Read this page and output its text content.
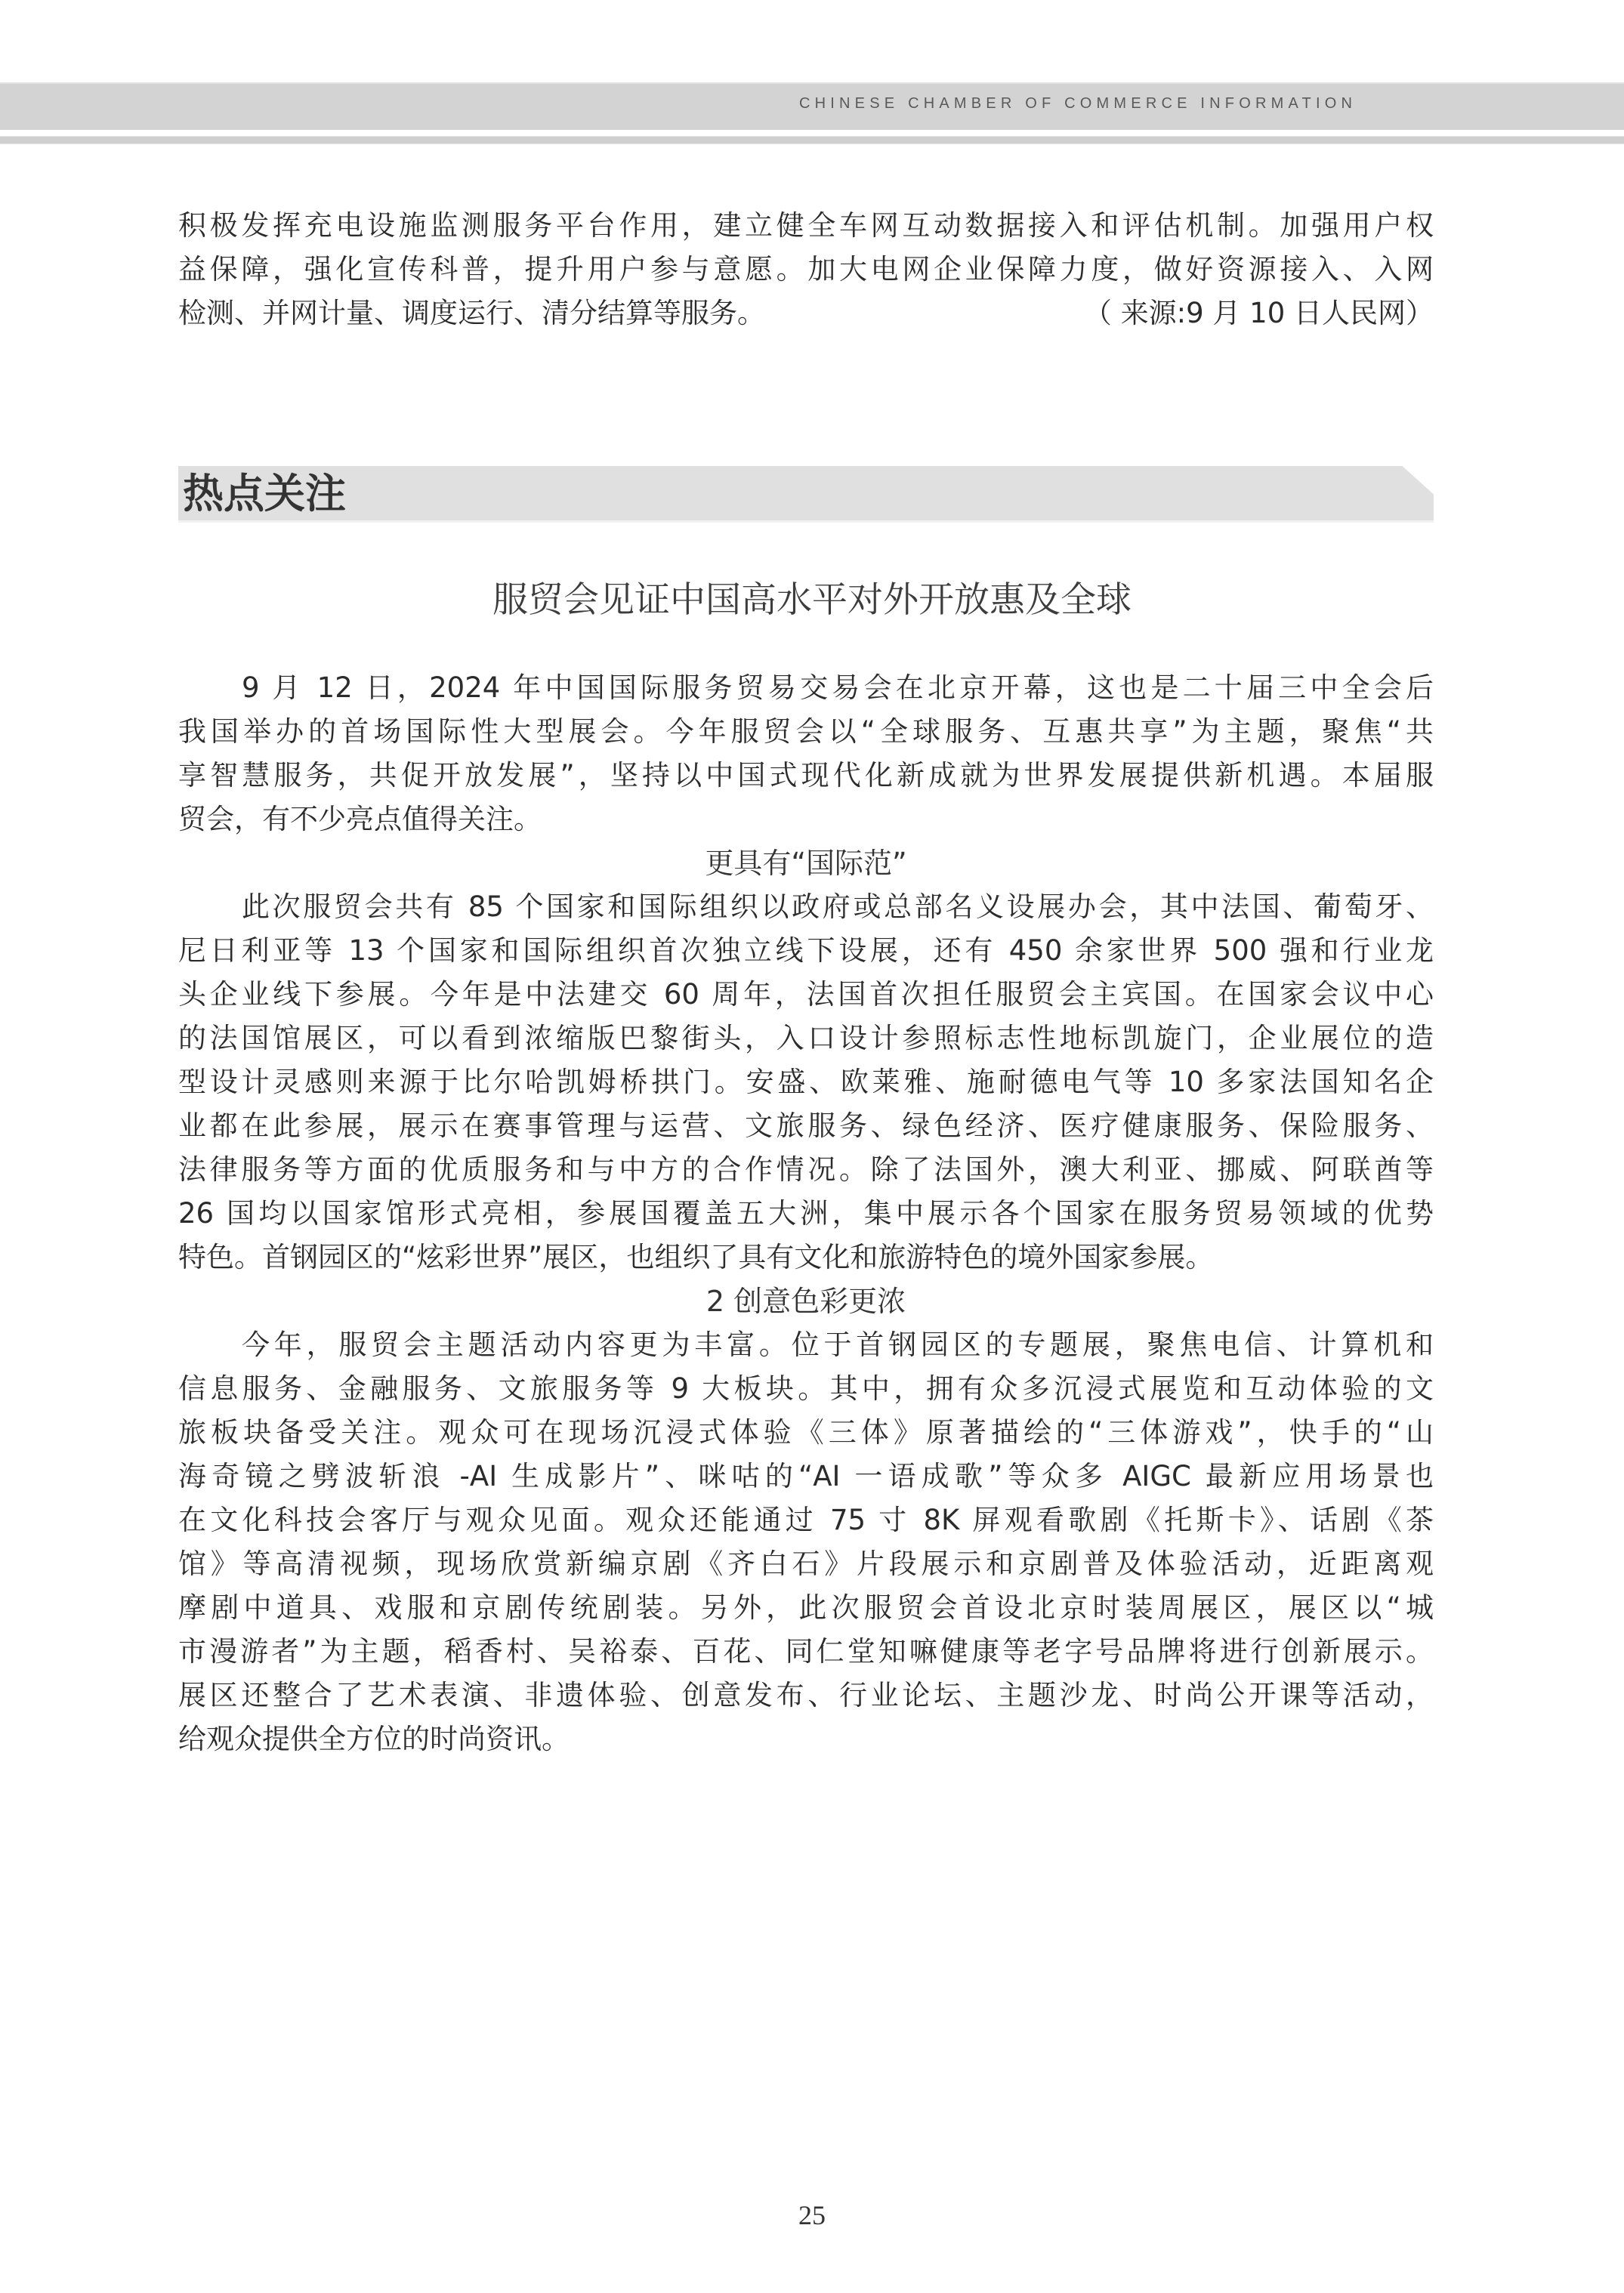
CHINESE CHAMBER OF COMMERCE INFORMATION
积极发挥充电设施监测服务平台作用，建立健全车网互动数据接入和评估机制。加强用户权
益保障，强化宣传科普，提升用户参与意愿。加大电网企业保障力度，做好资源接入、入网
检测、并网计量、调度运行、清分结算等服务。	（ 来源:9 月 10 日人民网）
热点关注
服贸会见证中国高水平对外开放惠及全球
9 月 12 日，2024 年中国国际服务贸易交易会在北京开幕，这也是二十届三中全会后
我国举办的首场国际性大型展会。今年服贸会以“全球服务、互惠共享”为主题，聚焦“共
享智慧服务，共促开放发展”，坚持以中国式现代化新成就为世界发展提供新机遇。本届服
贸会，有不少亮点值得关注。
更具有“国际范”
此次服贸会共有 85 个国家和国际组织以政府或总部名义设展办会，其中法国、葡萄牙、
尼日利亚等 13 个国家和国际组织首次独立线下设展，还有 450 余家世界 500 强和行业龙
头企业线下参展。今年是中法建交 60 周年，法国首次担任服贸会主宾国。在国家会议中心
的法国馆展区，可以看到浓缩版巴黎街头，入口设计参照标志性地标凯旋门，企业展位的造
型设计灵感则来源于比尔哈凯姆桥拱门。安盛、欧莱雅、施耐德电气等 10 多家法国知名企
业都在此参展，展示在赛事管理与运营、文旅服务、绿色经济、医疗健康服务、保险服务、
法律服务等方面的优质服务和与中方的合作情况。除了法国外，澳大利亚、挪威、阿联酋等
26 国均以国家馆形式亮相，参展国覆盖五大洲，集中展示各个国家在服务贸易领域的优势
特色。首钢园区的“炫彩世界”展区，也组织了具有文化和旅游特色的境外国家参展。
2 创意色彩更浓
今年，服贸会主题活动内容更为丰富。位于首钢园区的专题展，聚焦电信、计算机和
信息服务、金融服务、文旅服务等 9 大板块。其中，拥有众多沉浸式展览和互动体验的文
旅板块备受关注。观众可在现场沉浸式体验《三体》原著描绘的“三体游戏”，快手的“山
海奇镜之劈波斩浪 -AI 生成影片”、咪咕的“AI 一语成歌”等众多 AIGC 最新应用场景也
在文化科技会客厅与观众见面。观众还能通过 75 寸 8K 屏观看歌剧《托斯卡》、话剧《茶
馆》等高清视频，现场欣赏新编京剧《齐白石》片段展示和京剧普及体验活动，近距离观
摩剧中道具、戏服和京剧传统剧装。另外，此次服贸会首设北京时装周展区，展区以“城
市漫游者”为主题，稻香村、吴裕泰、百花、同仁堂知嘛健康等老字号品牌将进行创新展示。
展区还整合了艺术表演、非遗体验、创意发布、行业论坛、主题沙龙、时尚公开课等活动，
给观众提供全方位的时尚资讯。
25
